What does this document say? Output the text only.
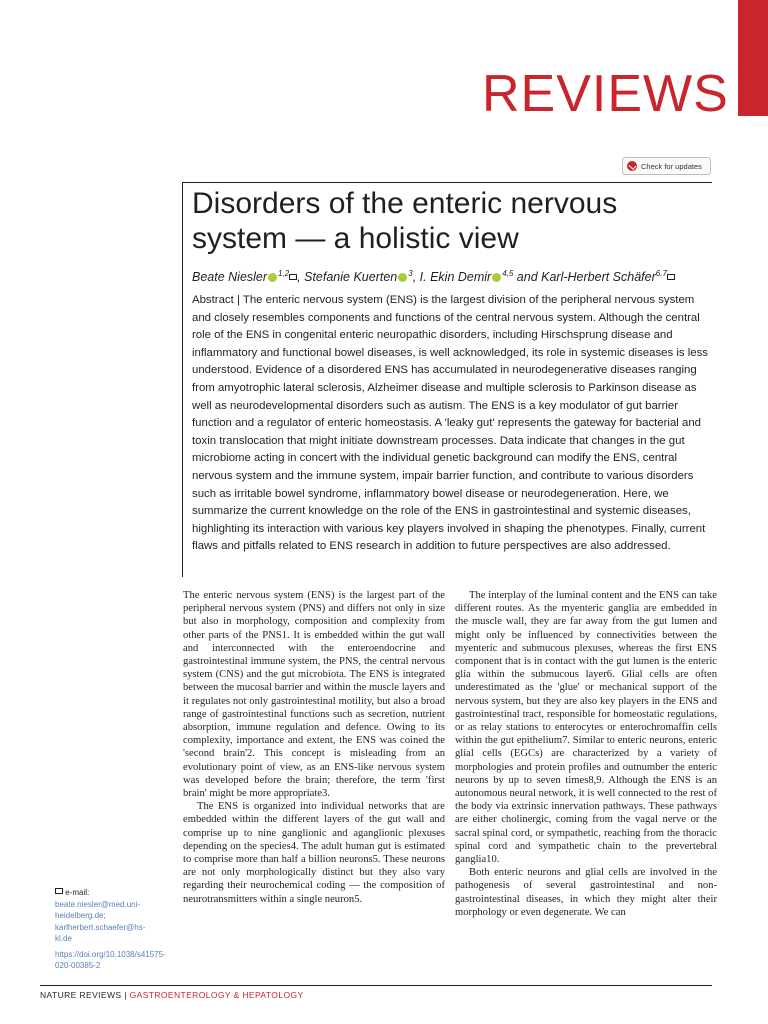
REVIEWS
Check for updates
Disorders of the enteric nervous
system — a holistic view
Beate Niesler $^{1,2}$ , Stefanie Kuerten $^3$, I. Ekin Demir $^{4,5}$ and Karl-Herbert Schäfer$^{6,7}$

Abstract | The enteric nervous system (ENS) is the largest division of the peripheral nervous system and closely resembles components and functions of the central nervous system. Although the central role of the ENS in congenital enteric neuropathic disorders, including Hirschsprung disease and inflammatory and functional bowel diseases, is well acknowledged, its role in systemic diseases is less understood. Evidence of a disordered ENS has accumulated in neurodegenerative diseases ranging from amyotrophic lateral sclerosis, Alzheimer disease and multiple sclerosis to Parkinson disease as well as neurodevelopmental disorders such as autism. The ENS is a key modulator of gut barrier function and a regulator of enteric homeostasis. A 'leaky gut' represents the gateway for bacterial and toxin translocation that might initiate downstream processes. Data indicate that changes in the gut microbiome acting in concert with the individual genetic background can modify the ENS, central nervous system and the immune system, impair barrier function, and contribute to various disorders such as irritable bowel syndrome, inflammatory bowel disease or neurodegeneration. Here, we summarize the current knowledge on the role of the ENS in gastrointestinal and systemic diseases, highlighting its interaction with various key players involved in shaping the phenotypes. Finally, current flaws and pitfalls related to ENS research in addition to future perspectives are also addressed.

The enteric nervous system (ENS) is the largest part of the peripheral nervous system (PNS) and differs not only in size but also in morphology, composition and complexity from other parts of the PNS1. It is embedded within the gut wall and interconnected with the enteroendocrine and gastrointestinal immune system, the PNS, the central nervous system (CNS) and the gut microbiota. The ENS is integrated between the mucosal barrier and within the muscle layers and it regulates not only gastrointestinal motility, but also a broad range of gastrointestinal functions such as secretion, nutrient absorption, immune regulation and defence. Owing to its complexity, importance and extent, the ENS was coined the 'second brain'2. This concept is misleading from an evolutionary point of view, as an ENS-like nervous system was developed before the brain; therefore, the term 'first brain' might be more appropriate3.

The ENS is organized into individual networks that are embedded within the different layers of the gut wall and comprise up to nine ganglionic and aganglionic plexuses depending on the species4. The adult human gut is estimated to comprise more than half a billion neurons5. These neurons are not only morphologically distinct but they also vary regarding their neurochemical coding — the composition of neurotransmitters within a single neuron5.

The interplay of the luminal content and the ENS can take different routes. As the myenteric ganglia are embedded in the muscle wall, they are far away from the gut lumen and might only be influenced by connectivities between the myenteric and submucous plexuses, whereas the first ENS component that is in contact with the gut lumen is the enteric glia within the submucous layer6. Glial cells are often underestimated as the 'glue' or mechanical support of the nervous system, but they are also key players in the ENS and gastrointestinal tract, responsible for homeostatic regulations, or as relay stations to enterocytes or enterochromaffin cells within the gut epithelium7. Similar to enteric neurons, enteric glial cells (EGCs) are characterized by a variety of morphologies and protein profiles and outnumber the enteric neurons by up to seven times8,9. Although the ENS is an autonomous neural network, it is well connected to the rest of the body via extrinsic innervation pathways. These pathways are either cholinergic, coming from the vagal nerve or the sacral spinal cord, or sympathetic, reaching from the thoracic spinal cord and sympathetic chain to the prevertebral ganglia10.

Both enteric neurons and glial cells are involved in the pathogenesis of several gastrointestinal and non-gastrointestinal diseases, in which they might alter their morphology or even degenerate. We can

e-mail: beate.niesler@med.uni-heidelberg.de; karlherbert.schaefer@hs-kl.de
https://doi.org/10.1038/s41575-020-00385-2
NATURE REVIEWS | GASTROENTEROLOGY & HEPATOLOGY
